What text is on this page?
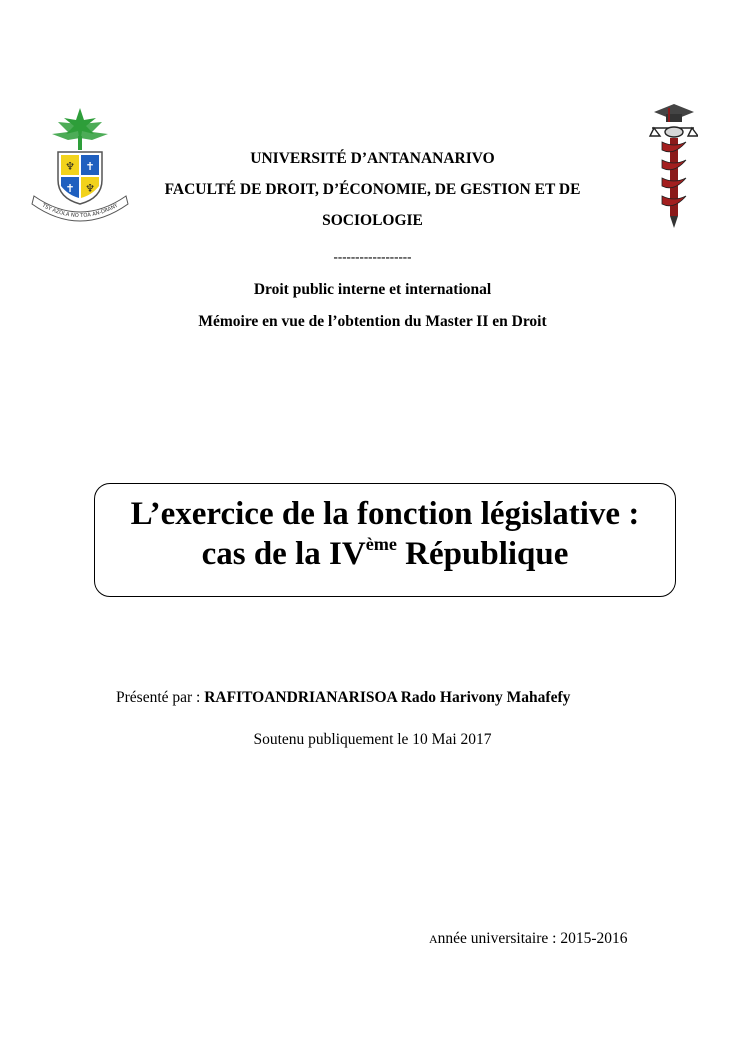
♆ ✝
✝ ♆
TSY AZOLA NO TOA AN-DRANY
UNIVERSITÉ D’ANTANANARIVO
FACULTÉ DE DROIT, D’ÉCONOMIE, DE GESTION ET DE
SOCIOLOGIE
------------------
Droit public interne et international
Mémoire en vue de l’obtention du Master II en Droit
L’exercice de la fonction législative :
cas de la IVème République
Présenté par : RAFITOANDRIANARISOA Rado Harivony Mahafefy
Soutenu publiquement le 10 Mai 2017
Année universitaire : 2015-2016
